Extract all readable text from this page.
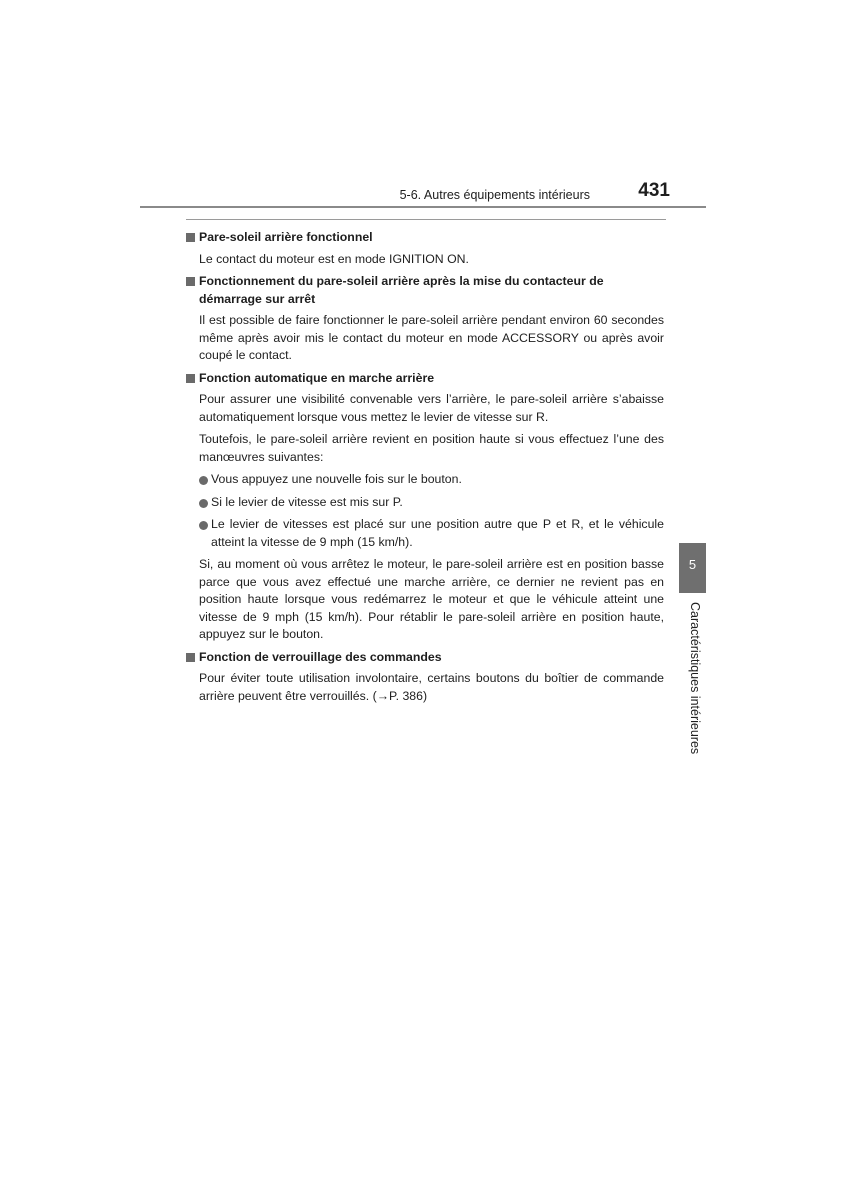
5-6. Autres équipements intérieurs	431
Pare-soleil arrière fonctionnel
Le contact du moteur est en mode IGNITION ON.
Fonctionnement du pare-soleil arrière après la mise du contacteur de démarrage sur arrêt
Il est possible de faire fonctionner le pare-soleil arrière pendant environ 60 secondes même après avoir mis le contact du moteur en mode ACCESSORY ou après avoir coupé le contact.
Fonction automatique en marche arrière
Pour assurer une visibilité convenable vers l’arrière, le pare-soleil arrière s’abaisse automatiquement lorsque vous mettez le levier de vitesse sur R.
Toutefois, le pare-soleil arrière revient en position haute si vous effectuez l’une des manœuvres suivantes:
Vous appuyez une nouvelle fois sur le bouton.
Si le levier de vitesse est mis sur P.
Le levier de vitesses est placé sur une position autre que P et R, et le véhicule atteint la vitesse de 9 mph (15 km/h).
Si, au moment où vous arrêtez le moteur, le pare-soleil arrière est en position basse parce que vous avez effectué une marche arrière, ce dernier ne revient pas en position haute lorsque vous redémarrez le moteur et que le véhicule atteint une vitesse de 9 mph (15 km/h). Pour rétablir le pare-soleil arrière en position haute, appuyez sur le bouton.
Fonction de verrouillage des commandes
Pour éviter toute utilisation involontaire, certains boutons du boîtier de commande arrière peuvent être verrouillés. (→P. 386)
5
Caractéristiques intérieures
